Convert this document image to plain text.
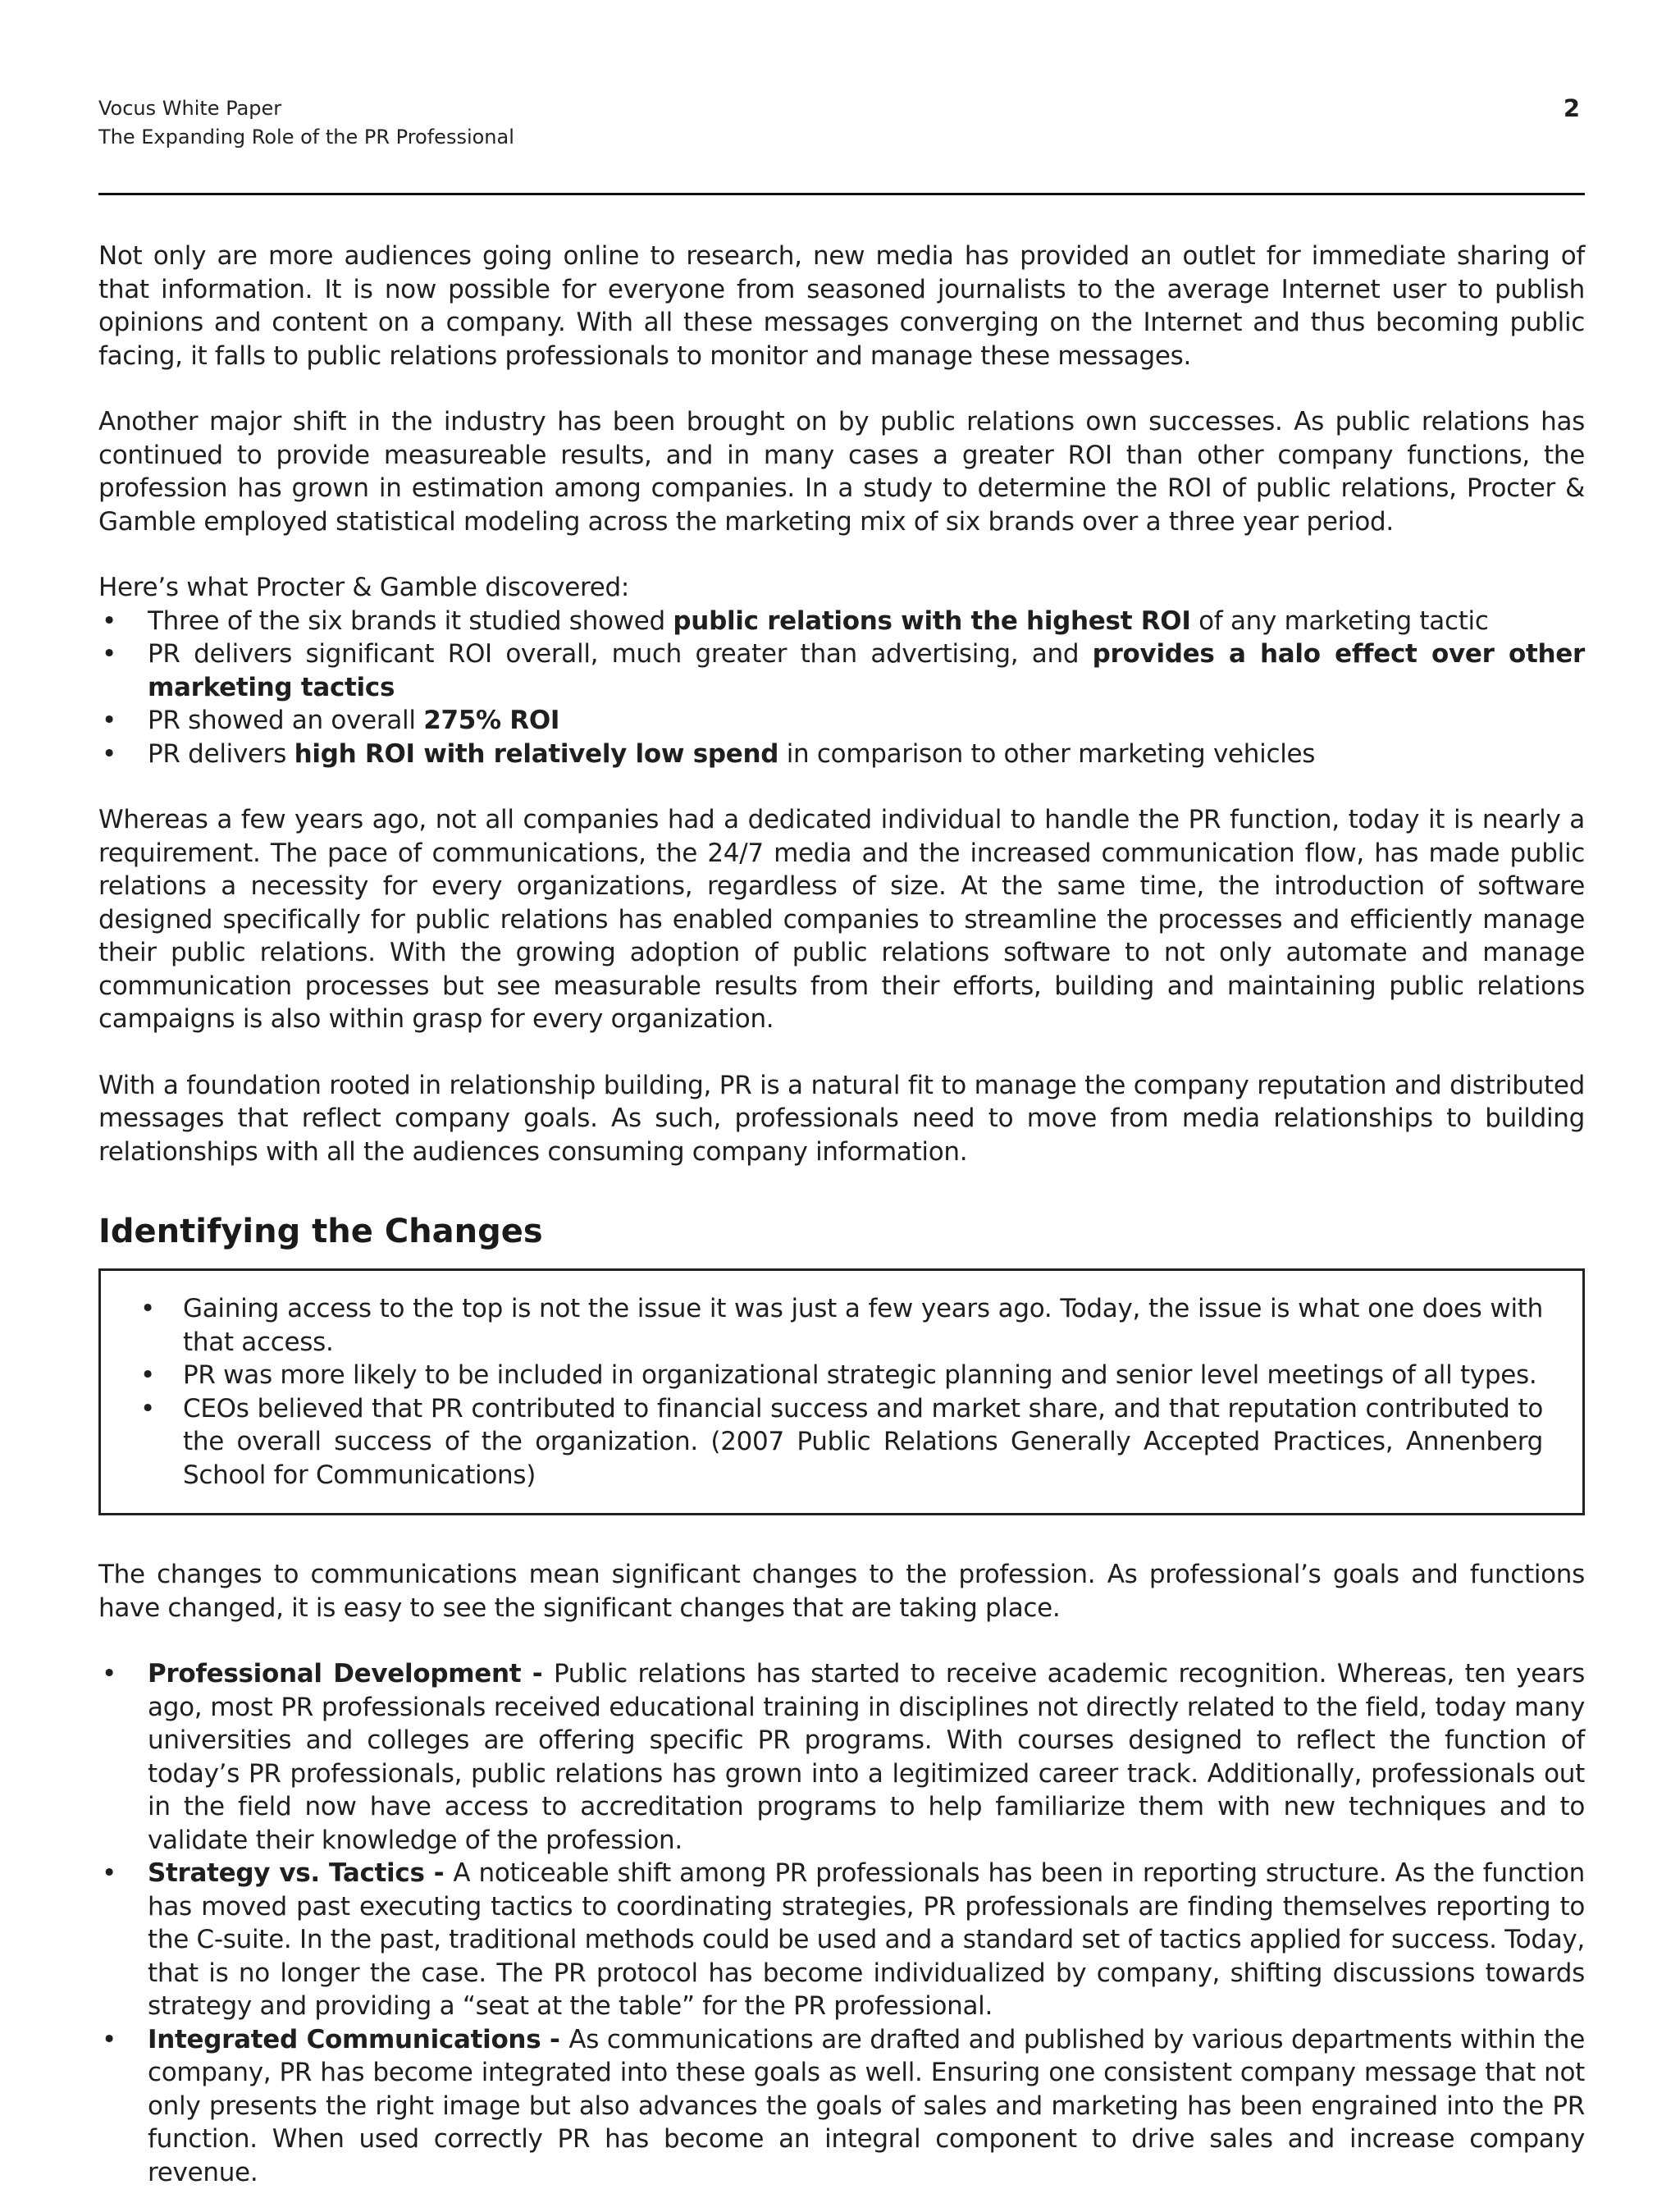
Vocus White Paper
The Expanding Role of the PR Professional
2

Not only are more audiences going online to research, new media has provided an outlet for immediate sharing of that information. It is now possible for everyone from seasoned journalists to the average Internet user to publish opinions and content on a company. With all these messages converging on the Internet and thus becoming public facing, it falls to public relations professionals to monitor and manage these messages.

Another major shift in the industry has been brought on by public relations own successes. As public relations has continued to provide measureable results, and in many cases a greater ROI than other company functions, the profession has grown in estimation among companies. In a study to determine the ROI of public relations, Procter & Gamble employed statistical modeling across the marketing mix of six brands over a three year period.

Here’s what Procter & Gamble discovered:

•	Three of the six brands it studied showed public relations with the highest ROI of any marketing tactic
•	PR delivers significant ROI overall, much greater than advertising, and provides a halo effect over other marketing tactics
•	PR showed an overall 275% ROI
•	PR delivers high ROI with relatively low spend in comparison to other marketing vehicles

Whereas a few years ago, not all companies had a dedicated individual to handle the PR function, today it is nearly a requirement. The pace of communications, the 24/7 media and the increased communication flow, has made public relations a necessity for every organizations, regardless of size. At the same time, the introduction of software designed specifically for public relations has enabled companies to streamline the processes and efficiently manage their public relations. With the growing adoption of public relations software to not only automate and manage communication processes but see measurable results from their efforts, building and maintaining public relations campaigns is also within grasp for every organization.

With a foundation rooted in relationship building, PR is a natural fit to manage the company reputation and distributed messages that reflect company goals. As such, professionals need to move from media relationships to building relationships with all the audiences consuming company information.

Identifying the Changes
•	Gaining access to the top is not the issue it was just a few years ago. Today, the issue is what one does with that access.
•	PR was more likely to be included in organizational strategic planning and senior level meetings of all types.
•	CEOs believed that PR contributed to financial success and market share, and that reputation contributed to the overall success of the organization. (2007 Public Relations Generally Accepted Practices, Annenberg School for Communications)

The changes to communications mean significant changes to the profession. As professional’s goals and functions have changed, it is easy to see the significant changes that are taking place.

•	Professional Development - Public relations has started to receive academic recognition. Whereas, ten years ago, most PR professionals received educational training in disciplines not directly related to the field, today many universities and colleges are offering specific PR programs. With courses designed to reflect the function of today’s PR professionals, public relations has grown into a legitimized career track. Additionally, professionals out in the field now have access to accreditation programs to help familiarize them with new techniques and to validate their knowledge of the profession.
•	Strategy vs. Tactics - A noticeable shift among PR professionals has been in reporting structure. As the function has moved past executing tactics to coordinating strategies, PR professionals are finding themselves reporting to the C-suite. In the past, traditional methods could be used and a standard set of tactics applied for success. Today, that is no longer the case. The PR protocol has become individualized by company, shifting discussions towards strategy and providing a “seat at the table” for the PR professional.
•	Integrated Communications - As communications are drafted and published by various departments within the company, PR has become integrated into these goals as well. Ensuring one consistent company message that not only presents the right image but also advances the goals of sales and marketing has been engrained into the PR function. When used correctly PR has become an integral component to drive sales and increase company revenue.
